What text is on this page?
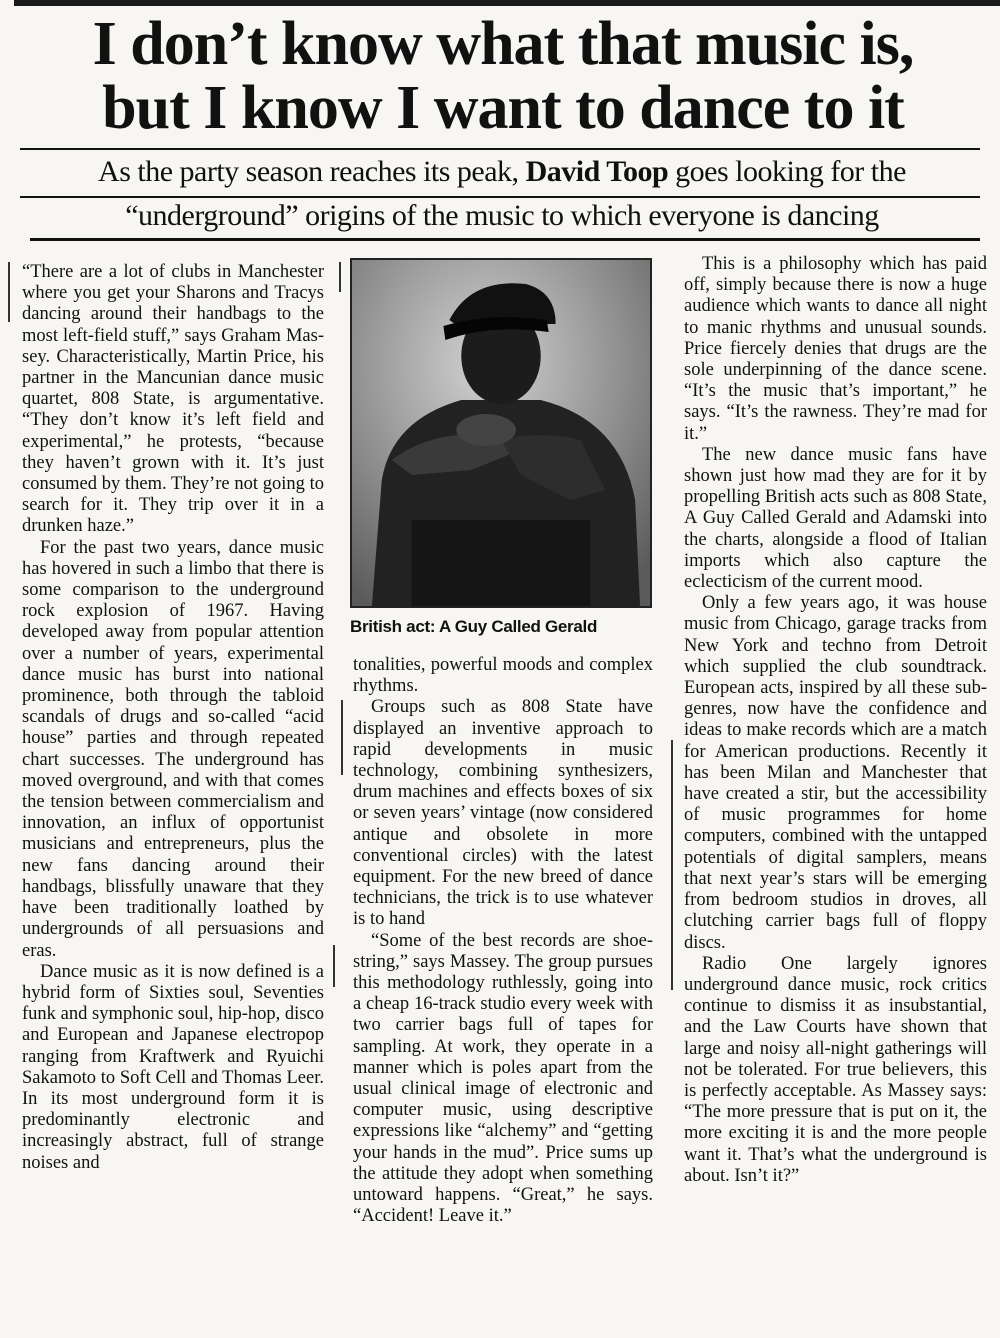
I don’t know what that music is,
but I know I want to dance to it

As the party season reaches its peak, David Toop goes looking for the “underground” origins of the music to which everyone is dancing

“There are a lot of clubs in Manchester where you get your Sharons and Tracys dancing around their handbags to the most left-field stuff,” says Graham Massey. Characteristically, Martin Price, his partner in the Mancunian dance music quartet, 808 State, is argumentative. “They don’t know it’s left field and experimental,” he protests, “because they haven’t grown with it. It’s just consumed by them. They’re not going to search for it. They trip over it in a drunken haze.”

For the past two years, dance music has hovered in such a limbo that there is some comparison to the underground rock explosion of 1967. Having developed away from popular attention over a number of years, experimental dance music has burst into national prominence, both through the tabloid scandals of drugs and so-called “acid house” parties and through repeated chart successes. The underground has moved overground, and with that comes the tension between commercialism and innovation, an influx of opportunist musicians and entrepreneurs, plus the new fans dancing around their handbags, blissfully unaware that they have been traditionally loathed by undergrounds of all persuasions and eras.

Dance music as it is now defined is a hybrid form of Sixties soul, Seventies funk and symphonic soul, hip-hop, disco and European and Japanese electropop ranging from Kraftwerk and Ryuichi Sakamoto to Soft Cell and Thomas Leer. In its most underground form it is predominantly electronic and increasingly abstract, full of strange noises and

British act: A Guy Called Gerald

tonalities, powerful moods and complex rhythms.

Groups such as 808 State have displayed an inventive approach to rapid developments in music technology, combining synthesizers, drum machines and effects boxes of six or seven years’ vintage (now considered antique and obsolete in more conventional circles) with the latest equipment. For the new breed of dance technicians, the trick is to use whatever is to hand

“Some of the best records are shoe-string,” says Massey. The group pursues this methodology ruthlessly, going into a cheap 16-track studio every week with two carrier bags full of tapes for sampling. At work, they operate in a manner which is poles apart from the usual clinical image of electronic and computer music, using descriptive expressions like “alchemy” and “getting your hands in the mud”. Price sums up the attitude they adopt when something untoward happens. “Great,” he says. “Accident! Leave it.”

This is a philosophy which has paid off, simply because there is now a huge audience which wants to dance all night to manic rhythms and unusual sounds. Price fiercely denies that drugs are the sole underpinning of the dance scene. “It’s the music that’s important,” he says. “It’s the rawness. They’re mad for it.”

The new dance music fans have shown just how mad they are for it by propelling British acts such as 808 State, A Guy Called Gerald and Adamski into the charts, alongside a flood of Italian imports which also capture the eclecticism of the current mood.

Only a few years ago, it was house music from Chicago, garage tracks from New York and techno from Detroit which supplied the club soundtrack. European acts, inspired by all these sub-genres, now have the confidence and ideas to make records which are a match for American productions. Recently it has been Milan and Manchester that have created a stir, but the accessibility of music programmes for home computers, combined with the untapped potentials of digital samplers, means that next year’s stars will be emerging from bedroom studios in droves, all clutching carrier bags full of floppy discs.

Radio One largely ignores underground dance music, rock critics continue to dismiss it as insubstantial, and the Law Courts have shown that large and noisy all-night gatherings will not be tolerated. For true believers, this is perfectly acceptable. As Massey says: “The more pressure that is put on it, the more exciting it is and the more people want it. That’s what the underground is about. Isn’t it?”
